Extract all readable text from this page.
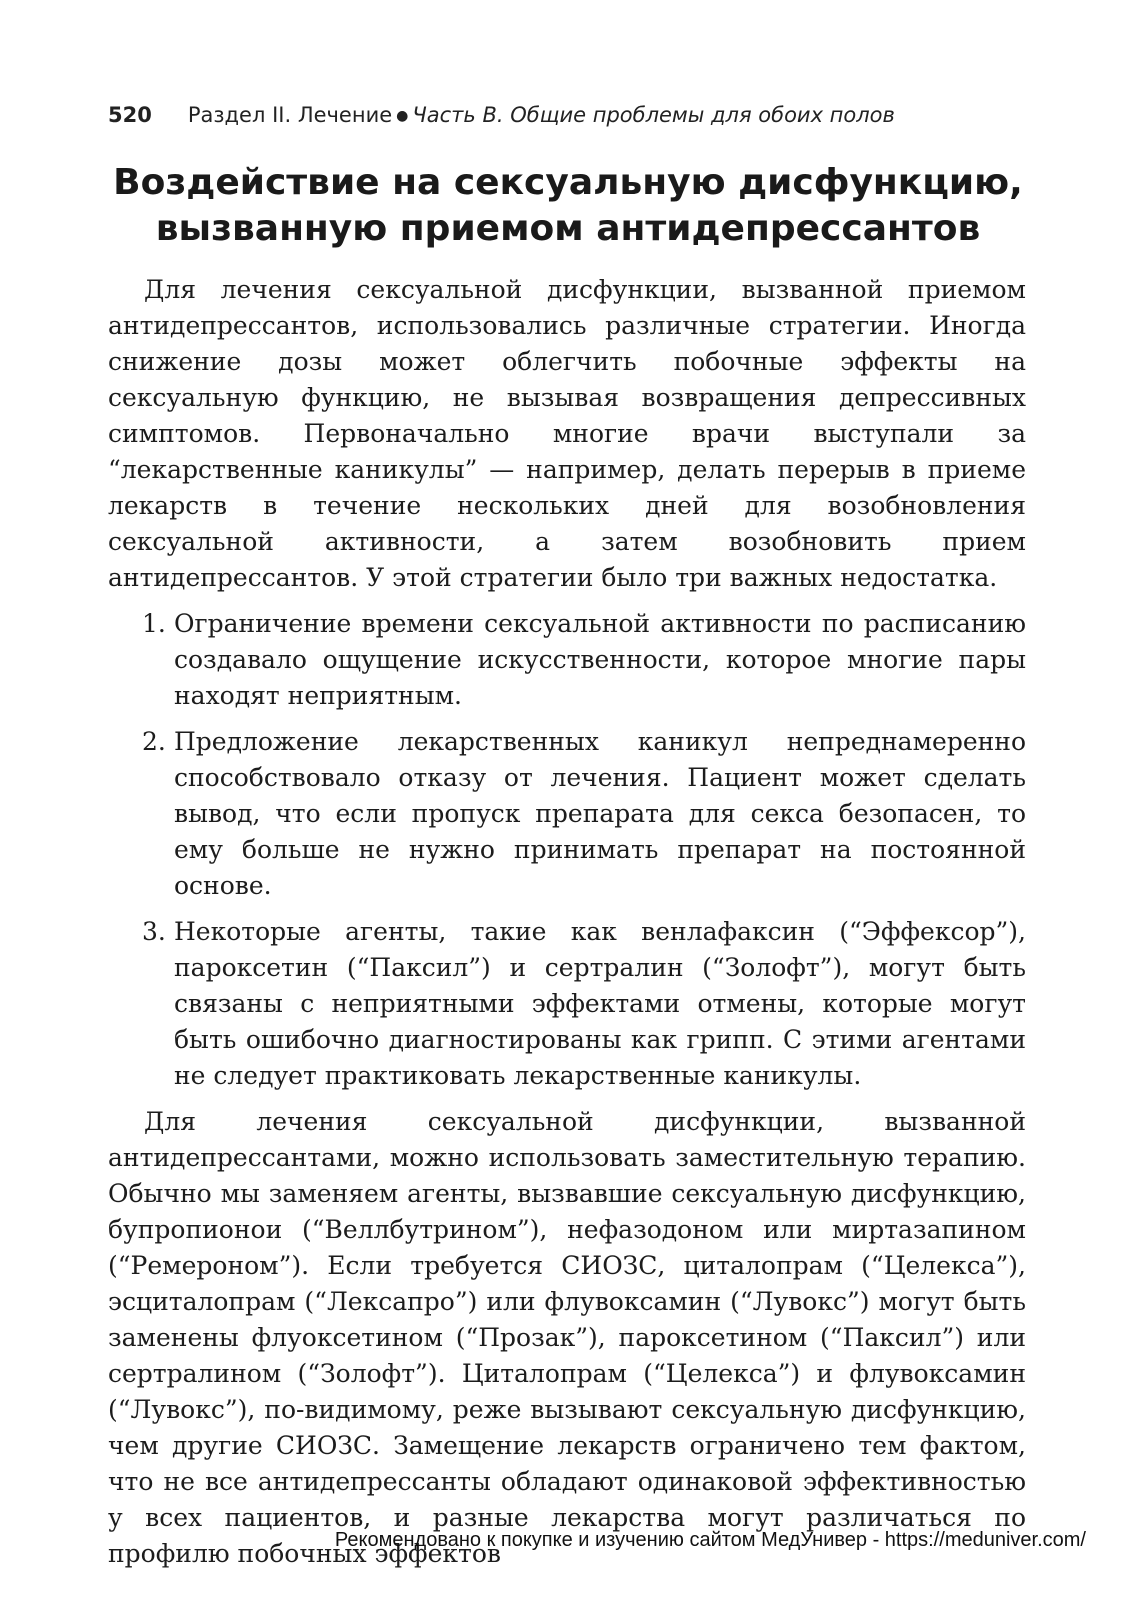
520 Раздел II. Лечение ● Часть В. Общие проблемы для обоих полов
Воздействие на сексуальную дисфункцию,
вызванную приемом антидепрессантов

Для лечения сексуальной дисфункции, вызванной приемом антидепрессантов, использовались различные стратегии. Иногда снижение дозы может облегчить побочные эффекты на сексуальную функцию, не вызывая возвращения депрессивных симптомов. Первоначально многие врачи выступали за “лекарственные каникулы” — например, делать перерыв в приеме лекарств в течение нескольких дней для возобновления сексуальной активности, а затем возобновить прием антидепрессантов. У этой стратегии было три важных недостатка.

1. Ограничение времени сексуальной активности по расписанию создавало ощущение искусственности, которое многие пары находят неприятным.
2. Предложение лекарственных каникул непреднамеренно способствовало отказу от лечения. Пациент может сделать вывод, что если пропуск препарата для секса безопасен, то ему больше не нужно принимать препарат на постоянной основе.
3. Некоторые агенты, такие как венлафаксин (“Эффексор”), пароксетин (“Паксил”) и сертралин (“Золофт”), могут быть связаны с неприятными эффектами отмены, которые могут быть ошибочно диагностированы как грипп. С этими агентами не следует практиковать лекарственные каникулы.

Для лечения сексуальной дисфункции, вызванной антидепрессантами, можно использовать заместительную терапию. Обычно мы заменяем агенты, вызвавшие сексуальную дисфункцию, бупропионои (“Веллбутрином”), нефазодоном или миртазапином (“Ремероном”). Если требуется СИОЗС, циталопрам (“Целекса”), эсциталопрам (“Лексапро”) или флувоксамин (“Лувокс”) могут быть заменены флуоксетином (“Прозак”), пароксетином (“Паксил”) или сертралином (“Золофт”). Циталопрам (“Целекса”) и флувоксамин (“Лувокс”), по-видимому, реже вызывают сексуальную дисфункцию, чем другие СИОЗС. Замещение лекарств ограничено тем фактом, что не все антидепрессанты обладают одинаковой эффективностью у всех пациентов, и разные лекарства могут различаться по профилю побочных эффектов

Рекомендовано к покупке и изучению сайтом МедУнивер - https://meduniver.com/
